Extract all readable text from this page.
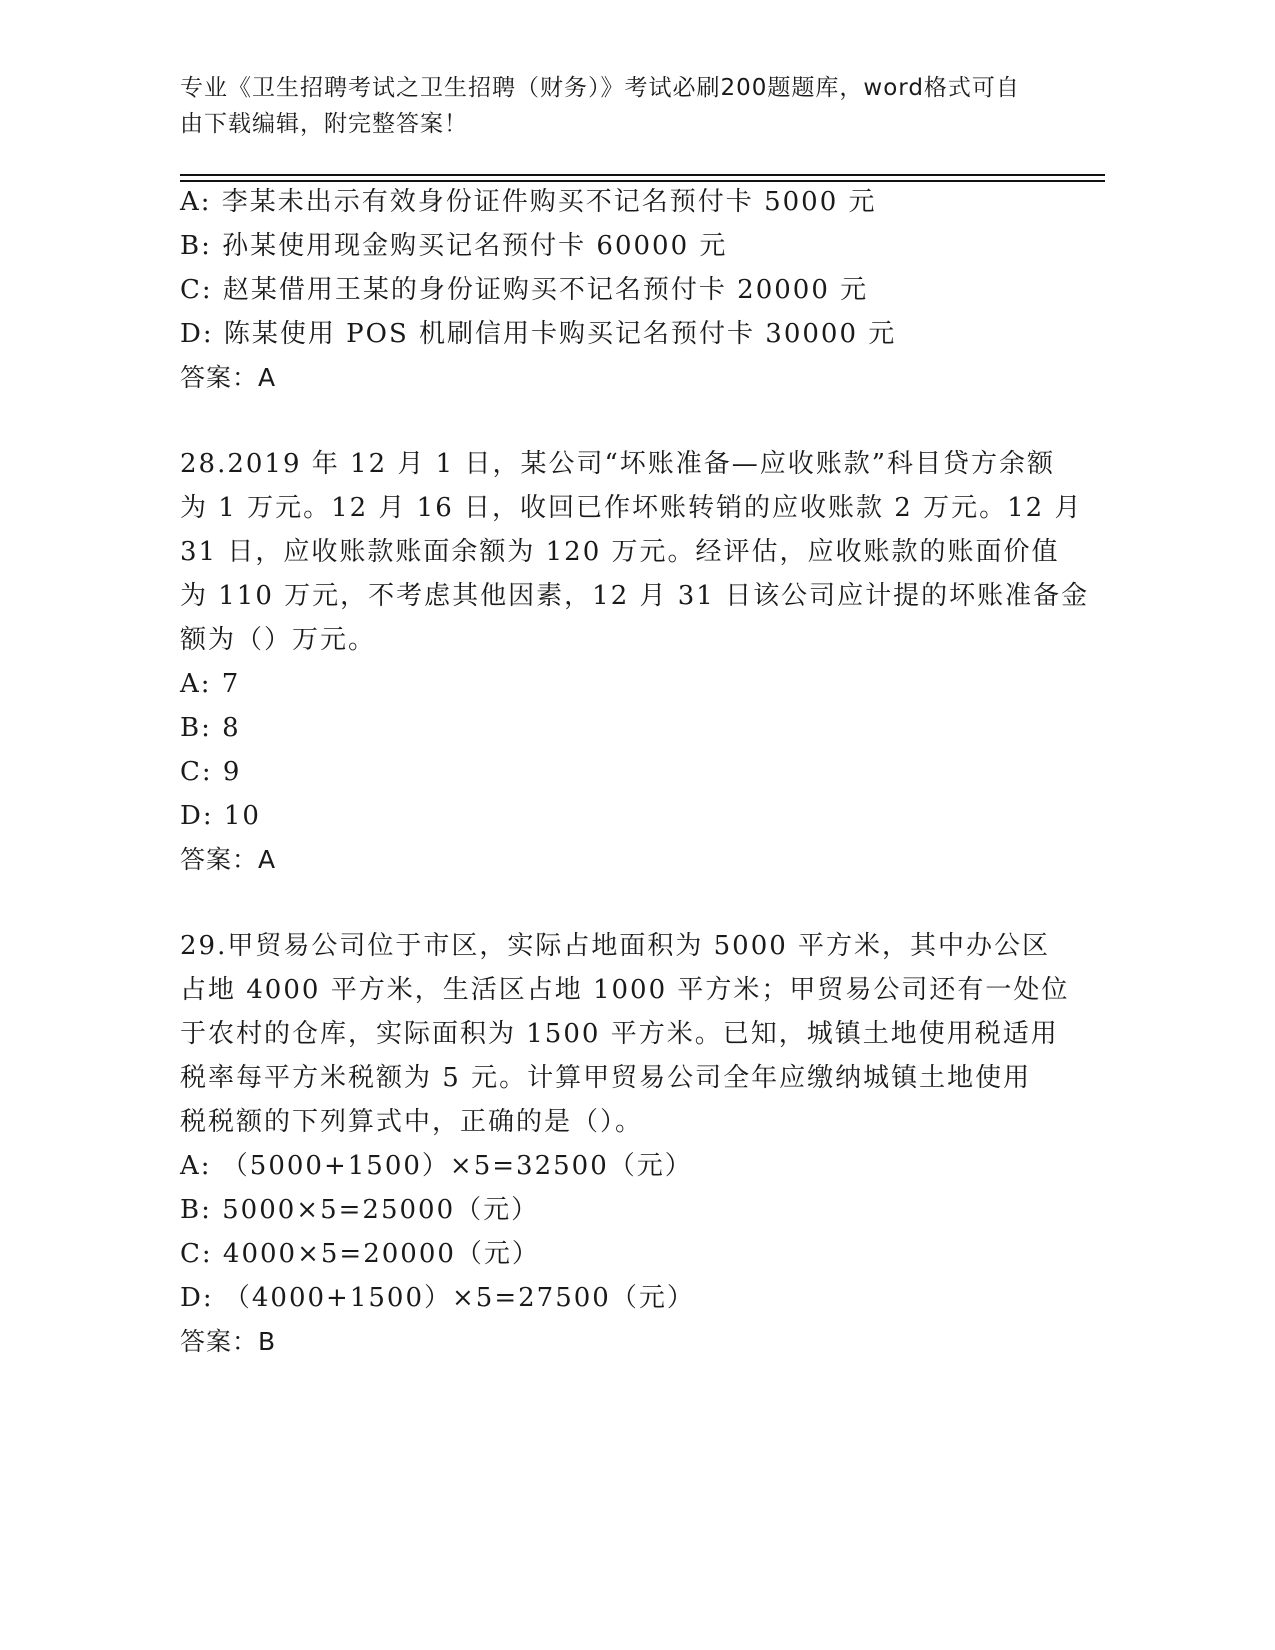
专业《卫生招聘考试之卫生招聘（财务）》考试必刷200题题库，word格式可自由下载编辑，附完整答案！
A: 李某未出示有效身份证件购买不记名预付卡 5000 元
B: 孙某使用现金购买记名预付卡 60000 元
C: 赵某借用王某的身份证购买不记名预付卡 20000 元
D: 陈某使用 POS 机刷信用卡购买记名预付卡 30000 元
答案：A
28.2019 年 12 月 1 日，某公司“坏账准备—应收账款”科目贷方余额
为 1 万元。12 月 16 日，收回已作坏账转销的应收账款 2 万元。12 月
31 日，应收账款账面余额为 120 万元。经评估，应收账款的账面价值
为 110 万元，不考虑其他因素，12 月 31 日该公司应计提的坏账准备金
额为（）万元。
A: 7
B: 8
C: 9
D: 10
答案：A
29.甲贸易公司位于市区，实际占地面积为 5000 平方米，其中办公区
占地 4000 平方米，生活区占地 1000 平方米；甲贸易公司还有一处位
于农村的仓库，实际面积为 1500 平方米。已知，城镇土地使用税适用
税率每平方米税额为 5 元。计算甲贸易公司全年应缴纳城镇土地使用
税税额的下列算式中，正确的是（）。
A: （5000+1500）×5=32500（元）
B: 5000×5=25000（元）
C: 4000×5=20000（元）
D: （4000+1500）×5=27500（元）
答案：B
